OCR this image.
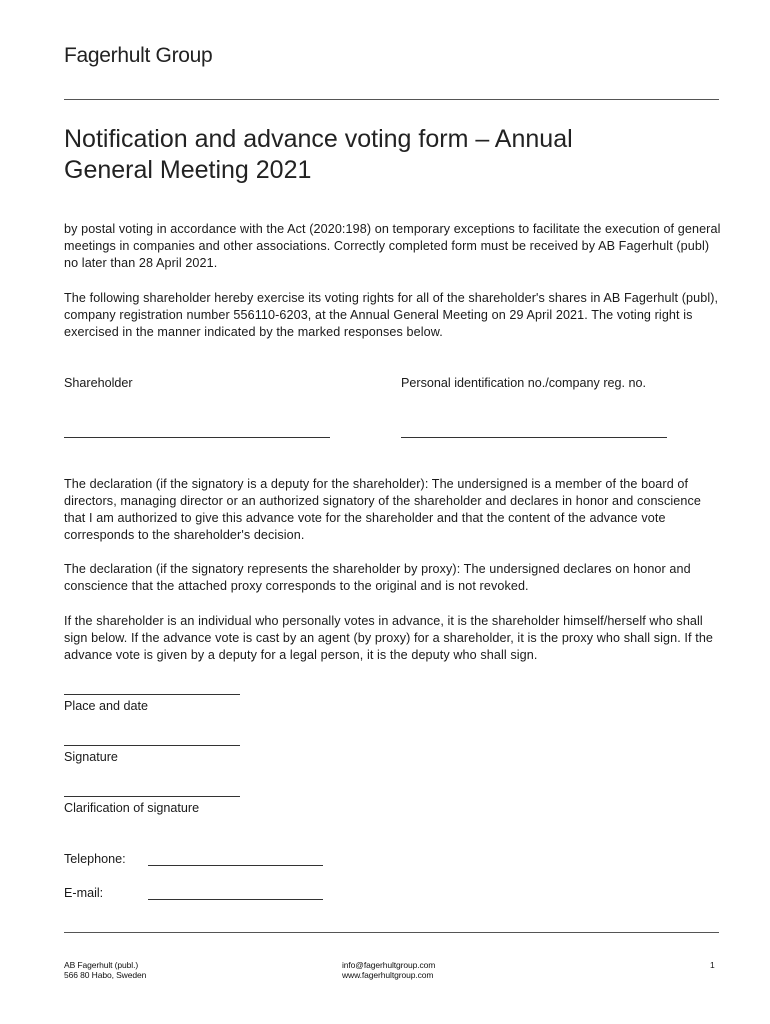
Fagerhult Group
Notification and advance voting form – Annual
General Meeting 2021

by postal voting in accordance with the Act (2020:198) on temporary exceptions to facilitate the execution of general meetings in companies and other associations. Correctly completed form must be received by AB Fagerhult (publ) no later than 28 April 2021.

The following shareholder hereby exercise its voting rights for all of the shareholder's shares in AB Fagerhult (publ), company registration number 556110-6203, at the Annual General Meeting on 29 April 2021. The voting right is exercised in the manner indicated by the marked responses below.

Shareholder	Personal identification no./company reg. no.

The declaration (if the signatory is a deputy for the shareholder): The undersigned is a member of the board of directors, managing director or an authorized signatory of the shareholder and declares in honor and conscience that I am authorized to give this advance vote for the shareholder and that the content of the advance vote corresponds to the shareholder's decision.

The declaration (if the signatory represents the shareholder by proxy): The undersigned declares on honor and conscience that the attached proxy corresponds to the original and is not revoked.

If the shareholder is an individual who personally votes in advance, it is the shareholder himself/herself who shall sign below. If the advance vote is cast by an agent (by proxy) for a shareholder, it is the proxy who shall sign. If the advance vote is given by a deputy for a legal person, it is the deputy who shall sign.

Place and date
Signature
Clarification of signature
Telephone:
E-mail:
AB Fagerhult (publ.)
566 80 Habo, Sweden
info@fagerhultgroup.com
www.fagerhultgroup.com
1
